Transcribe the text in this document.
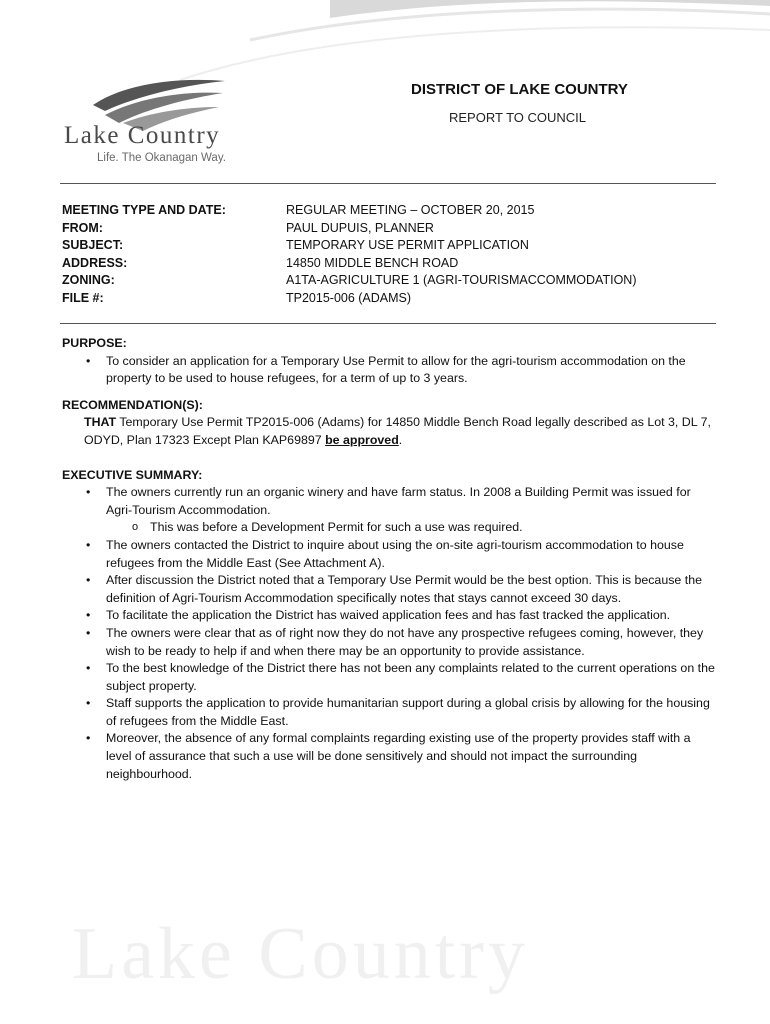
Lake Country
Life. The Okanagan Way.
DISTRICT OF LAKE COUNTRY
REPORT TO COUNCIL
MEETING TYPE AND DATE:	REGULAR MEETING – OCTOBER 20, 2015
FROM:	PAUL DUPUIS, PLANNER
SUBJECT:	TEMPORARY USE PERMIT APPLICATION
ADDRESS:	14850 MIDDLE BENCH ROAD
ZONING:	A1TA-AGRICULTURE 1 (AGRI-TOURISMACCOMMODATION)
FILE #:	TP2015-006 (ADAMS)
PURPOSE:
• To consider an application for a Temporary Use Permit to allow for the agri-tourism accommodation on the property to be used to house refugees, for a term of up to 3 years.
RECOMMENDATION(S):
THAT Temporary Use Permit TP2015-006 (Adams) for 14850 Middle Bench Road legally described as Lot 3, DL 7, ODYD, Plan 17323 Except Plan KAP69897 be approved.
EXECUTIVE SUMMARY:
• The owners currently run an organic winery and have farm status. In 2008 a Building Permit was issued for Agri-Tourism Accommodation.
o This was before a Development Permit for such a use was required.
• The owners contacted the District to inquire about using the on-site agri-tourism accommodation to house refugees from the Middle East (See Attachment A).
• After discussion the District noted that a Temporary Use Permit would be the best option. This is because the definition of Agri-Tourism Accommodation specifically notes that stays cannot exceed 30 days.
• To facilitate the application the District has waived application fees and has fast tracked the application.
• The owners were clear that as of right now they do not have any prospective refugees coming, however, they wish to be ready to help if and when there may be an opportunity to provide assistance.
• To the best knowledge of the District there has not been any complaints related to the current operations on the subject property.
• Staff supports the application to provide humanitarian support during a global crisis by allowing for the housing of refugees from the Middle East.
• Moreover, the absence of any formal complaints regarding existing use of the property provides staff with a level of assurance that such a use will be done sensitively and should not impact the surrounding neighbourhood.
Lake Country
